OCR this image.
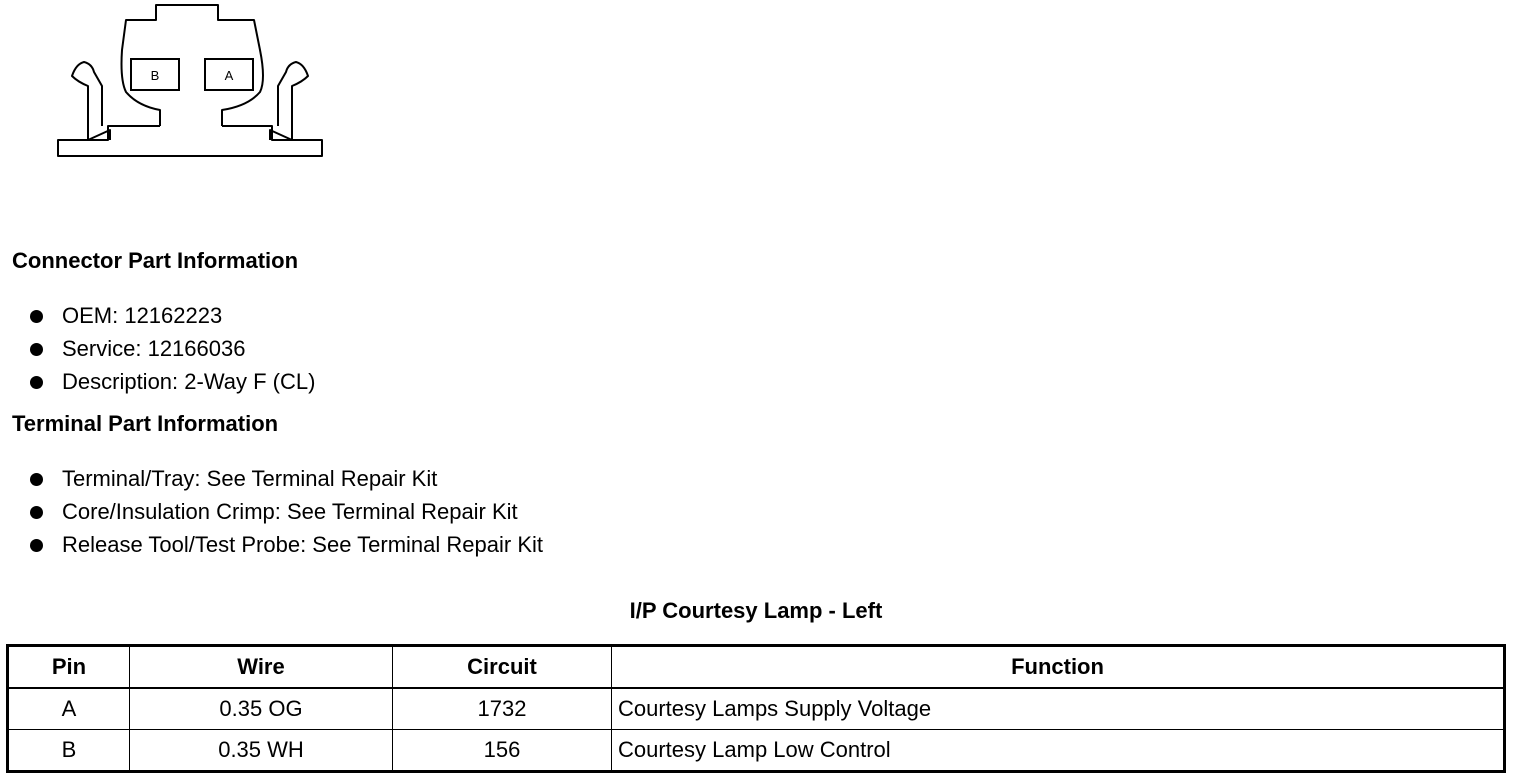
B	A
Connector Part Information
OEM: 12162223
Service: 12166036
Description: 2-Way F (CL)
Terminal Part Information
Terminal/Tray: See Terminal Repair Kit
Core/Insulation Crimp: See Terminal Repair Kit
Release Tool/Test Probe: See Terminal Repair Kit
I/P Courtesy Lamp - Left
Pin	Wire	Circuit	Function
A	0.35 OG	1732	Courtesy Lamps Supply Voltage
B	0.35 WH	156	Courtesy Lamp Low Control
